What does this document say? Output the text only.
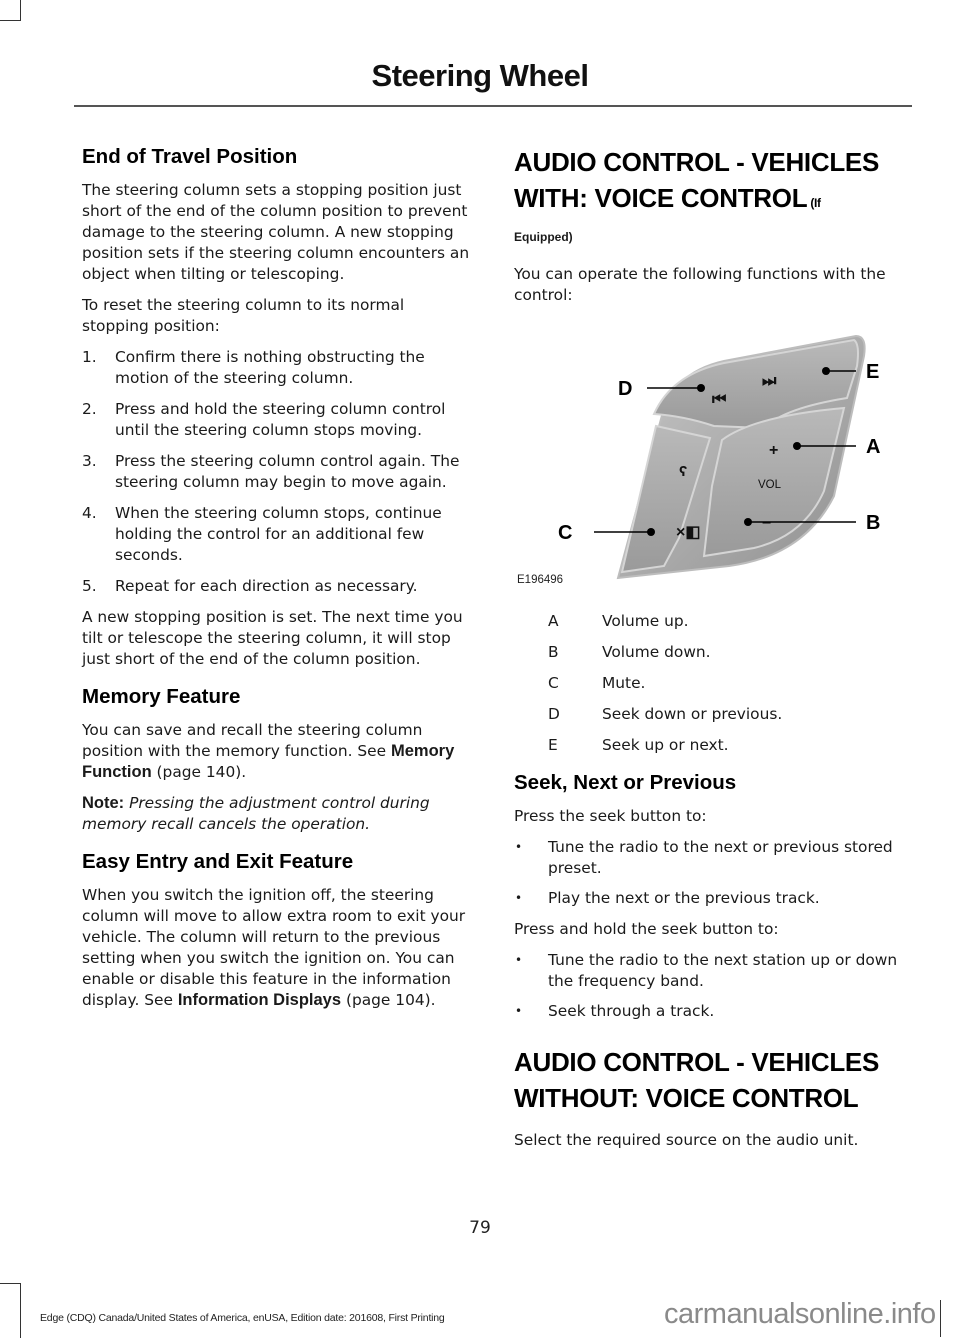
Steering Wheel
End of Travel Position

The steering column sets a stopping position just short of the end of the column position to prevent damage to the steering column. A new stopping position sets if the steering column encounters an object when tilting or telescoping.

To reset the steering column to its normal stopping position:

1. Confirm there is nothing obstructing the motion of the steering column.
2. Press and hold the steering column control until the steering column stops moving.
3. Press the steering column control again. The steering column may begin to move again.
4. When the steering column stops, continue holding the control for an additional few seconds.
5. Repeat for each direction as necessary.

A new stopping position is set. The next time you tilt or telescope the steering column, it will stop just short of the end of the column position.

Memory Feature

You can save and recall the steering column position with the memory function. See Memory Function (page 140).

Note: Pressing the adjustment control during memory recall cancels the operation.

Easy Entry and Exit Feature

When you switch the ignition off, the steering column will move to allow extra room to exit your vehicle. The column will return to the previous setting when you switch the ignition on. You can enable or disable this feature in the information display. See Information Displays (page 104).

AUDIO CONTROL - VEHICLES WITH: VOICE CONTROL (If
Equipped)

You can operate the following functions with the control:

⏭
⏮
ʕ
×◧
+
VOL
−
D
E
A
B
C
E196496
A	Volume up.
B	Volume down.
C	Mute.
D	Seek down or previous.
E	Seek up or next.
Seek, Next or Previous

Press the seek button to:

• Tune the radio to the next or previous stored preset.
• Play the next or the previous track.

Press and hold the seek button to:

• Tune the radio to the next station up or down the frequency band.
• Seek through a track.
AUDIO CONTROL - VEHICLES WITHOUT: VOICE CONTROL

Select the required source on the audio unit.

79
Edge (CDQ) Canada/United States of America, enUSA, Edition date: 201608, First Printing	carmanualsonline.info
